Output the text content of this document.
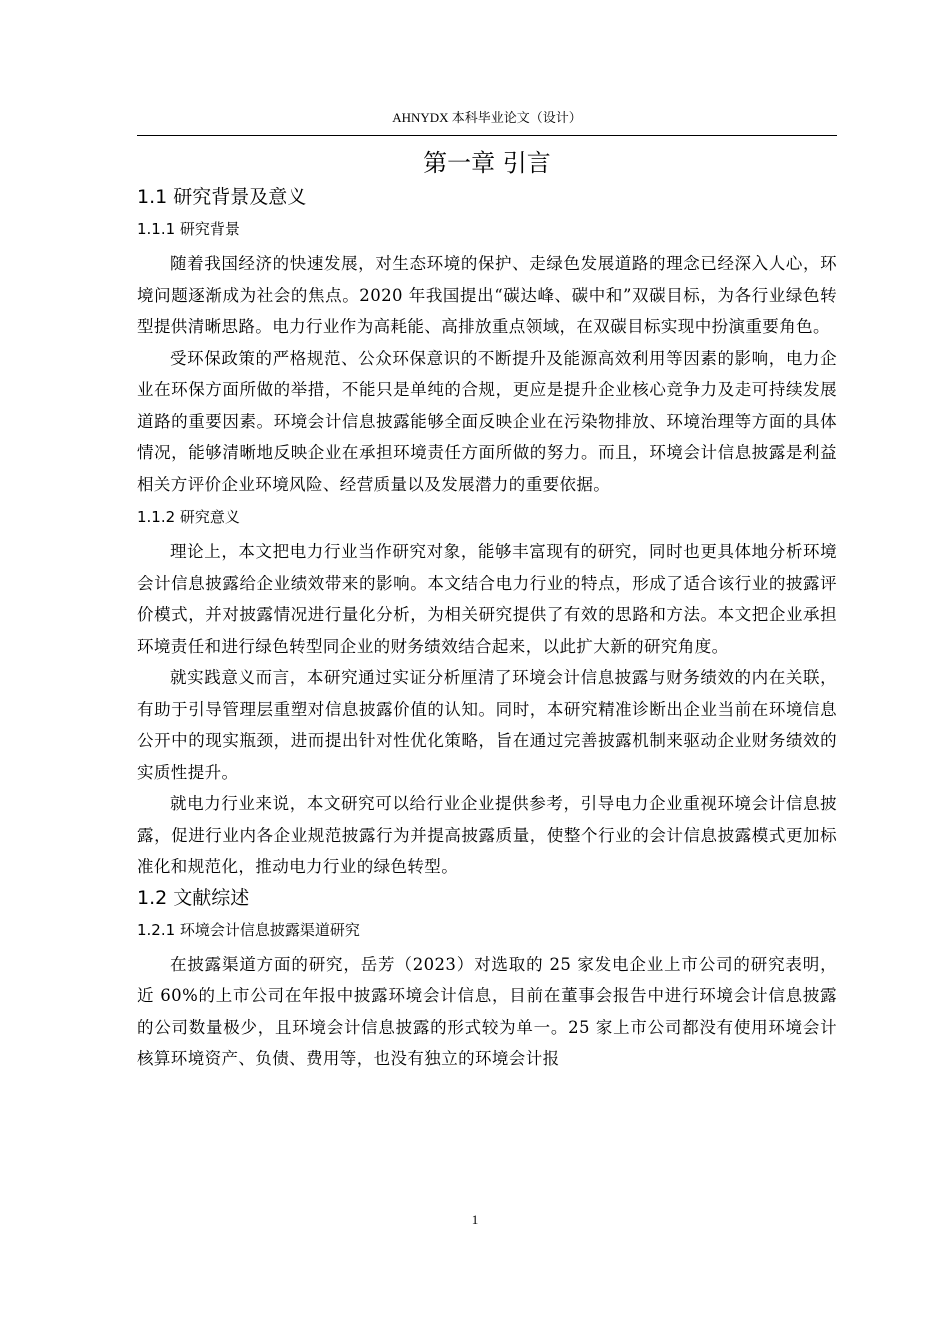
AHNYDX 本科毕业论文（设计）
第一章 引言
1.1 研究背景及意义
1.1.1 研究背景

随着我国经济的快速发展，对生态环境的保护、走绿色发展道路的理念已经深入人心，环境问题逐渐成为社会的焦点。2020 年我国提出“碳达峰、碳中和”双碳目标，为各行业绿色转型提供清晰思路。电力行业作为高耗能、高排放重点领域，在双碳目标实现中扮演重要角色。

受环保政策的严格规范、公众环保意识的不断提升及能源高效利用等因素的影响，电力企业在环保方面所做的举措，不能只是单纯的合规，更应是提升企业核心竞争力及走可持续发展道路的重要因素。环境会计信息披露能够全面反映企业在污染物排放、环境治理等方面的具体情况，能够清晰地反映企业在承担环境责任方面所做的努力。而且，环境会计信息披露是利益相关方评价企业环境风险、经营质量以及发展潜力的重要依据。

1.1.2 研究意义

理论上，本文把电力行业当作研究对象，能够丰富现有的研究，同时也更具体地分析环境会计信息披露给企业绩效带来的影响。本文结合电力行业的特点，形成了适合该行业的披露评价模式，并对披露情况进行量化分析，为相关研究提供了有效的思路和方法。本文把企业承担环境责任和进行绿色转型同企业的财务绩效结合起来，以此扩大新的研究角度。

就实践意义而言，本研究通过实证分析厘清了环境会计信息披露与财务绩效的内在关联，有助于引导管理层重塑对信息披露价值的认知。同时，本研究精准诊断出企业当前在环境信息公开中的现实瓶颈，进而提出针对性优化策略，旨在通过完善披露机制来驱动企业财务绩效的实质性提升。

就电力行业来说，本文研究可以给行业企业提供参考，引导电力企业重视环境会计信息披露，促进行业内各企业规范披露行为并提高披露质量，使整个行业的会计信息披露模式更加标准化和规范化，推动电力行业的绿色转型。

1.2 文献综述
1.2.1 环境会计信息披露渠道研究

在披露渠道方面的研究，岳芳（2023）对选取的 25 家发电企业上市公司的研究表明，近 60%的上市公司在年报中披露环境会计信息，目前在董事会报告中进行环境会计信息披露的公司数量极少，且环境会计信息披露的形式较为单一。25 家上市公司都没有使用环境会计核算环境资产、负债、费用等，也没有独立的环境会计报

1
